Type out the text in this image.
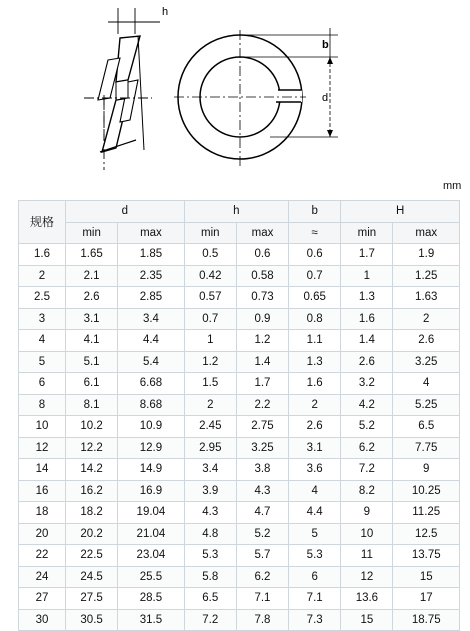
h
b
d
mm
规格	d		h		b	H	
	min	max	min	max	≈	min	max
1.6	1.65	1.85	0.5	0.6	0.6	1.7	1.9
2	2.1	2.35	0.42	0.58	0.7	1	1.25
2.5	2.6	2.85	0.57	0.73	0.65	1.3	1.63
3	3.1	3.4	0.7	0.9	0.8	1.6	2
4	4.1	4.4	1	1.2	1.1	1.4	2.6
5	5.1	5.4	1.2	1.4	1.3	2.6	3.25
6	6.1	6.68	1.5	1.7	1.6	3.2	4
8	8.1	8.68	2	2.2	2	4.2	5.25
10	10.2	10.9	2.45	2.75	2.6	5.2	6.5
12	12.2	12.9	2.95	3.25	3.1	6.2	7.75
14	14.2	14.9	3.4	3.8	3.6	7.2	9
16	16.2	16.9	3.9	4.3	4	8.2	10.25
18	18.2	19.04	4.3	4.7	4.4	9	11.25
20	20.2	21.04	4.8	5.2	5	10	12.5
22	22.5	23.04	5.3	5.7	5.3	11	13.75
24	24.5	25.5	5.8	6.2	6	12	15
27	27.5	28.5	6.5	7.1	7.1	13.6	17
30	30.5	31.5	7.2	7.8	7.3	15	18.75
